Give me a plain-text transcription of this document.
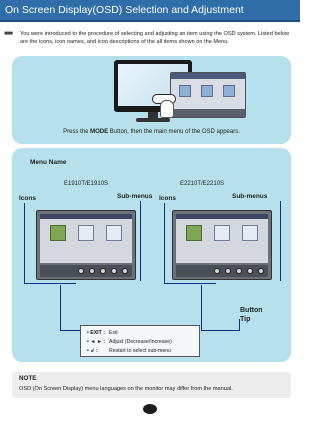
On Screen Display(OSD) Selection and Adjustment
■■■ You were introduced to the procedure of selecting and adjusting an item using the OSD system. Listed below are the icons, icon names, and icon descriptions of the all items shown on the Menu.
Press the MODE Button, then the main menu of the OSD appears.
Menu Name
E1910T/E1910S	E2210T/E2210S
Icons	Sub-menus Icons	Sub-menus
Button
Tip
• EXIT : Exit
• ◄ ► : Adjust (Decrease/Increase)
• ↲ : Restart to select sub-menu
NOTE
OSD (On Screen Display) menu languages on the monitor may differ from the manual.
